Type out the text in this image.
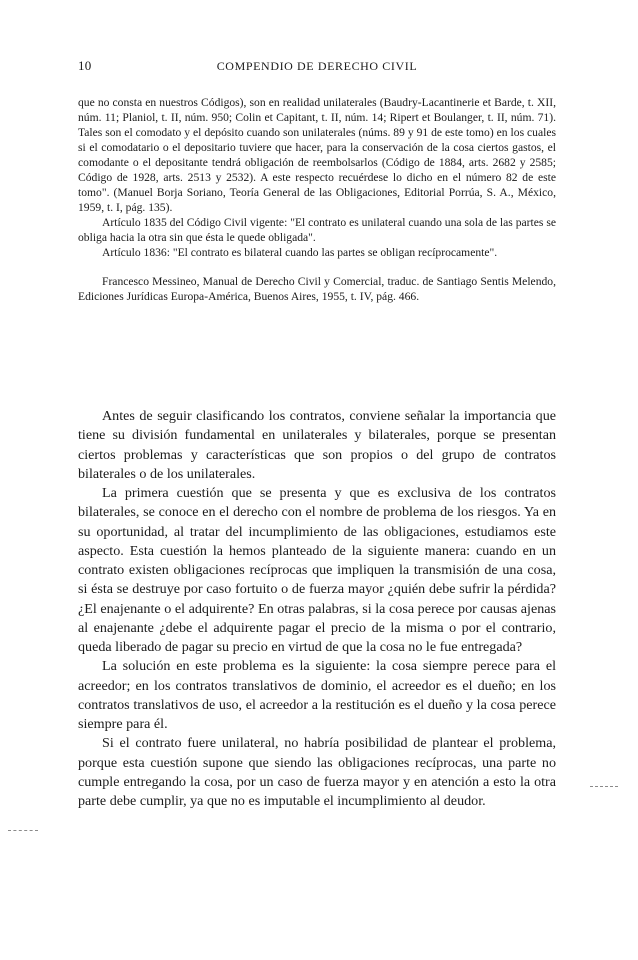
10	COMPENDIO DE DERECHO CIVIL

que no consta en nuestros Códigos), son en realidad unilaterales (Baudry-Lacantinerie et Barde, t. XII, núm. 11; Planiol, t. II, núm. 950; Colin et Capitant, t. II, núm. 14; Ripert et Boulanger, t. II, núm. 71). Tales son el comodato y el depósito cuando son unilaterales (núms. 89 y 91 de este tomo) en los cuales si el comodatario o el depositario tuviere que hacer, para la conservación de la cosa ciertos gastos, el comodante o el depositante tendrá obligación de reembolsarlos (Código de 1884, arts. 2682 y 2585; Código de 1928, arts. 2513 y 2532). A este respecto recuérdese lo dicho en el número 82 de este tomo". (Manuel Borja Soriano, Teoría General de las Obligaciones, Editorial Porrúa, S. A., México, 1959, t. I, pág. 135).

Artículo 1835 del Código Civil vigente: "El contrato es unilateral cuando una sola de las partes se obliga hacia la otra sin que ésta le quede obligada".

Artículo 1836: "El contrato es bilateral cuando las partes se obligan recíprocamente".

Francesco Messineo, Manual de Derecho Civil y Comercial, traduc. de Santiago Sentis Melendo, Ediciones Jurídicas Europa-América, Buenos Aires, 1955, t. IV, pág. 466.

Antes de seguir clasificando los contratos, conviene señalar la importancia que tiene su división fundamental en unilaterales y bilaterales, porque se presentan ciertos problemas y características que son propios o del grupo de contratos bilaterales o de los unilaterales.

La primera cuestión que se presenta y que es exclusiva de los contratos bilaterales, se conoce en el derecho con el nombre de problema de los riesgos. Ya en su oportunidad, al tratar del incumplimiento de las obligaciones, estudiamos este aspecto. Esta cuestión la hemos planteado de la siguiente manera: cuando en un contrato existen obligaciones recíprocas que impliquen la transmisión de una cosa, si ésta se destruye por caso fortuito o de fuerza mayor ¿quién debe sufrir la pérdida? ¿El enajenante o el adquirente? En otras palabras, si la cosa perece por causas ajenas al enajenante ¿debe el adquirente pagar el precio de la misma o por el contrario, queda liberado de pagar su precio en virtud de que la cosa no le fue entregada?

La solución en este problema es la siguiente: la cosa siempre perece para el acreedor; en los contratos translativos de dominio, el acreedor es el dueño; en los contratos translativos de uso, el acreedor a la restitución es el dueño y la cosa perece siempre para él.

Si el contrato fuere unilateral, no habría posibilidad de plantear el problema, porque esta cuestión supone que siendo las obligaciones recíprocas, una parte no cumple entregando la cosa, por un caso de fuerza mayor y en atención a esto la otra parte debe cumplir, ya que no es imputable el incumplimiento al deudor.
